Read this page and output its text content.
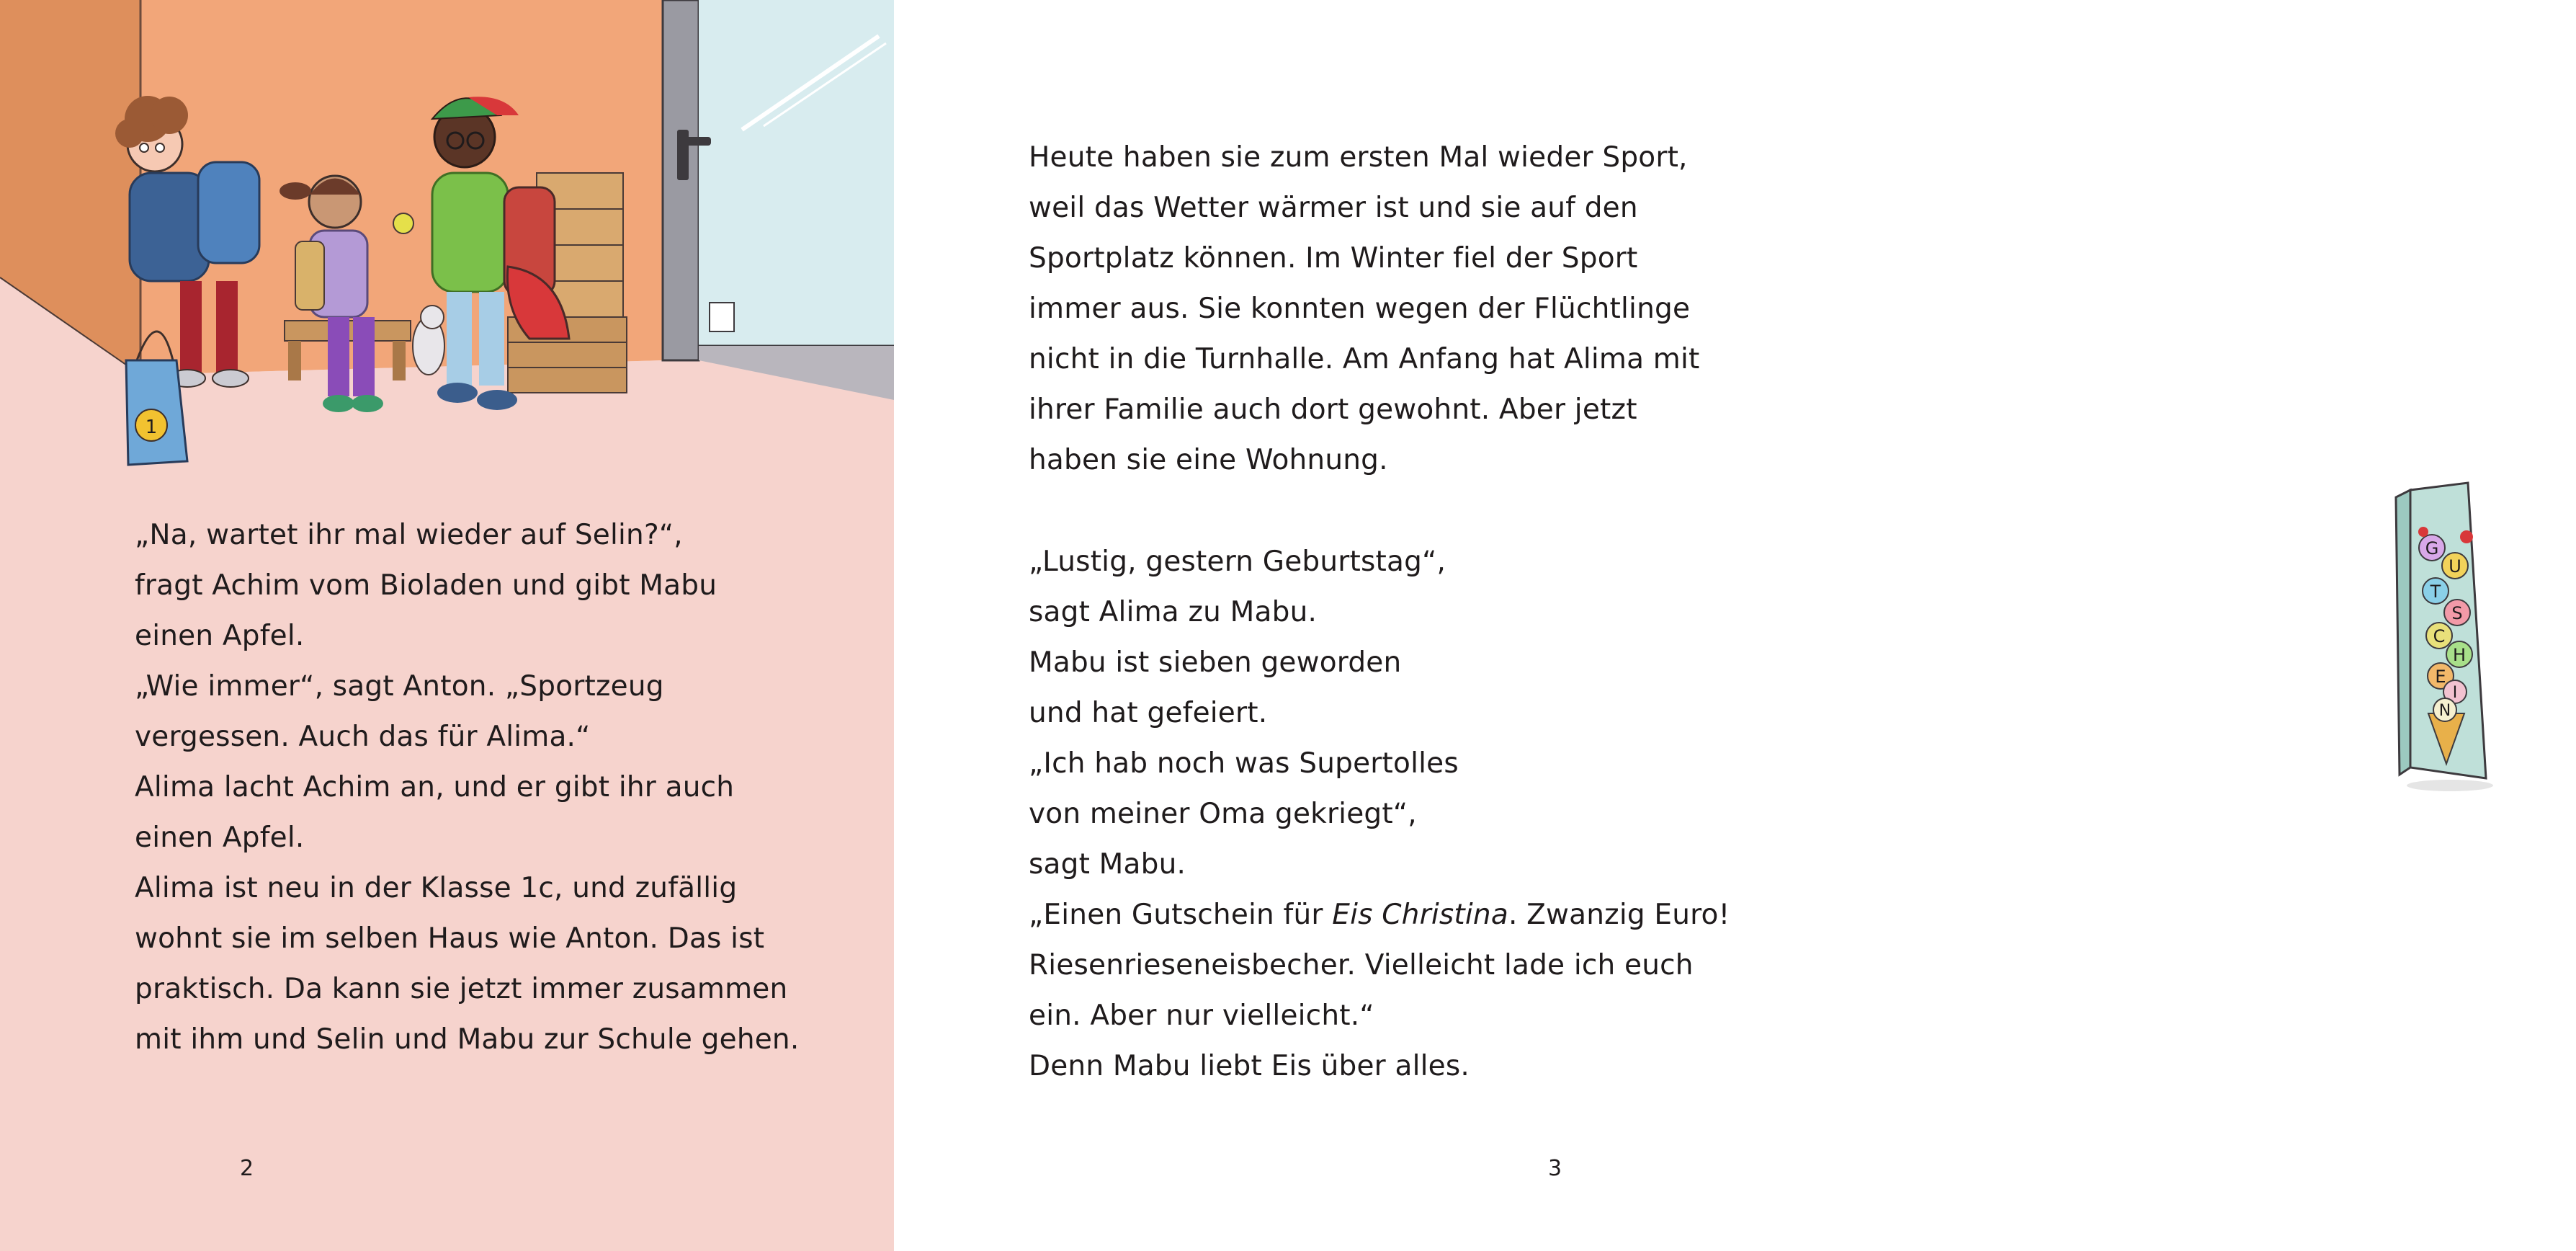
1
„Na, wartet ihr mal wieder auf Selin?“,
fragt Achim vom Bioladen und gibt Mabu
einen Apfel.
„Wie immer“, sagt Anton. „Sportzeug
vergessen. Auch das für Alima.“
Alima lacht Achim an, und er gibt ihr auch
einen Apfel.
Alima ist neu in der Klasse 1c, und zufällig
wohnt sie im selben Haus wie Anton. Das ist
praktisch. Da kann sie jetzt immer zusammen
mit ihm und Selin und Mabu zur Schule gehen.
2
Heute haben sie zum ersten Mal wieder Sport,
weil das Wetter wärmer ist und sie auf den
Sportplatz können. Im Winter fiel der Sport
immer aus. Sie konnten wegen der Flüchtlinge
nicht in die Turnhalle. Am Anfang hat Alima mit
ihrer Familie auch dort gewohnt. Aber jetzt
haben sie eine Wohnung.
„Lustig, gestern Geburtstag“,
sagt Alima zu Mabu.
Mabu ist sieben geworden
und hat gefeiert.
„Ich hab noch was Supertolles
von meiner Oma gekriegt“,
sagt Mabu.
„Einen Gutschein für Eis Christina. Zwanzig Euro!
Riesenrieseneisbecher. Vielleicht lade ich euch
ein. Aber nur vielleicht.“
Denn Mabu liebt Eis über alles.
G
U
T
S
C
H
E
I
N
3
